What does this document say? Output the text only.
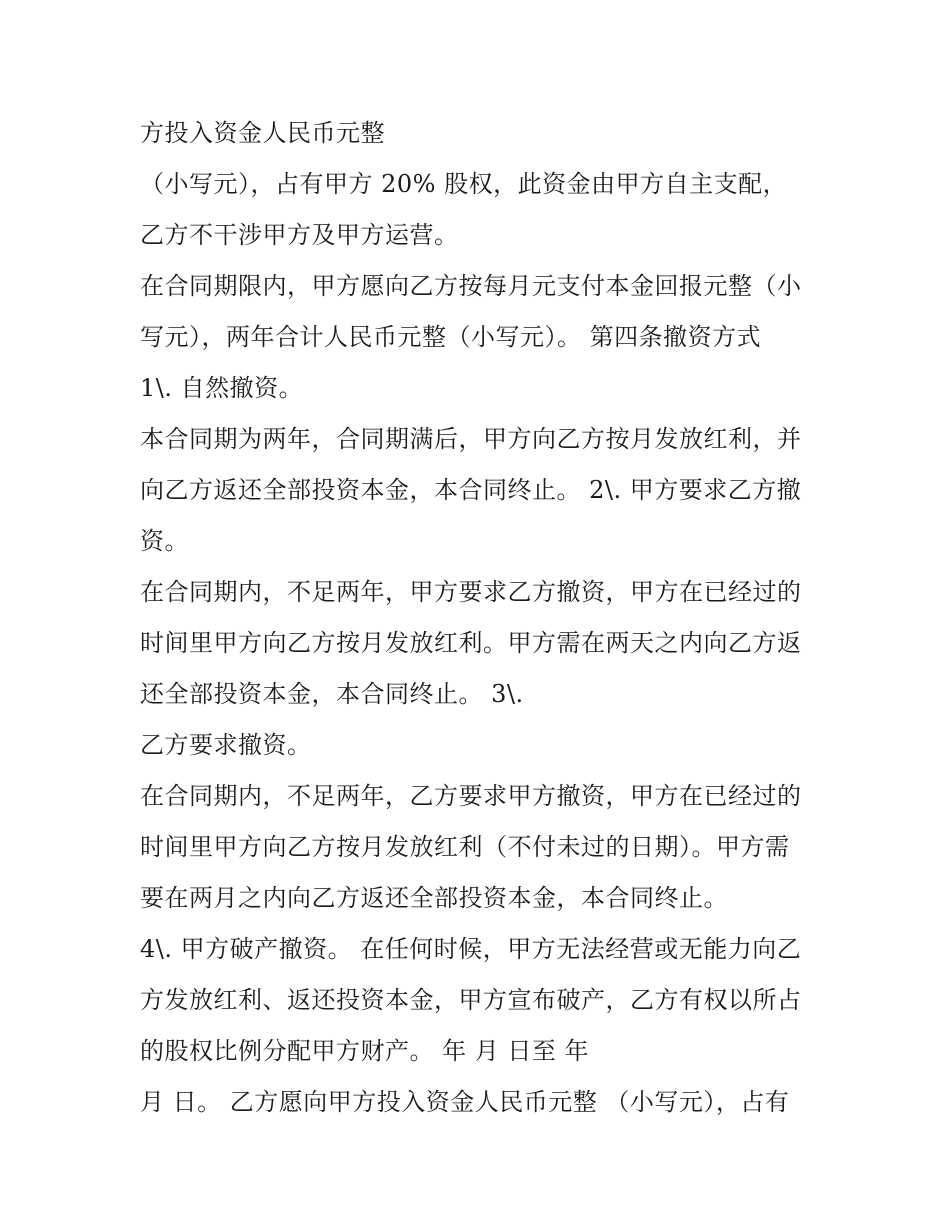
方投入资金人民币元整
（小写元），占有甲方 20% 股权，此资金由甲方自主支配，
乙方不干涉甲方及甲方运营。
在合同期限内，甲方愿向乙方按每月元支付本金回报元整（小
写元），两年合计人民币元整（小写元）。 第四条撤资方式
1\. 自然撤资。
本合同期为两年，合同期满后，甲方向乙方按月发放红利，并
向乙方返还全部投资本金，本合同终止。 2\. 甲方要求乙方撤
资。
在合同期内，不足两年，甲方要求乙方撤资，甲方在已经过的
时间里甲方向乙方按月发放红利。甲方需在两天之内向乙方返
还全部投资本金，本合同终止。 3\.
乙方要求撤资。
在合同期内，不足两年，乙方要求甲方撤资，甲方在已经过的
时间里甲方向乙方按月发放红利（不付未过的日期）。甲方需
要在两月之内向乙方返还全部投资本金，本合同终止。
4\. 甲方破产撤资。 在任何时候，甲方无法经营或无能力向乙
方发放红利、返还投资本金，甲方宣布破产，乙方有权以所占
的股权比例分配甲方财产。 年 月 日至 年
月 日。 乙方愿向甲方投入资金人民币元整 （小写元），占有
